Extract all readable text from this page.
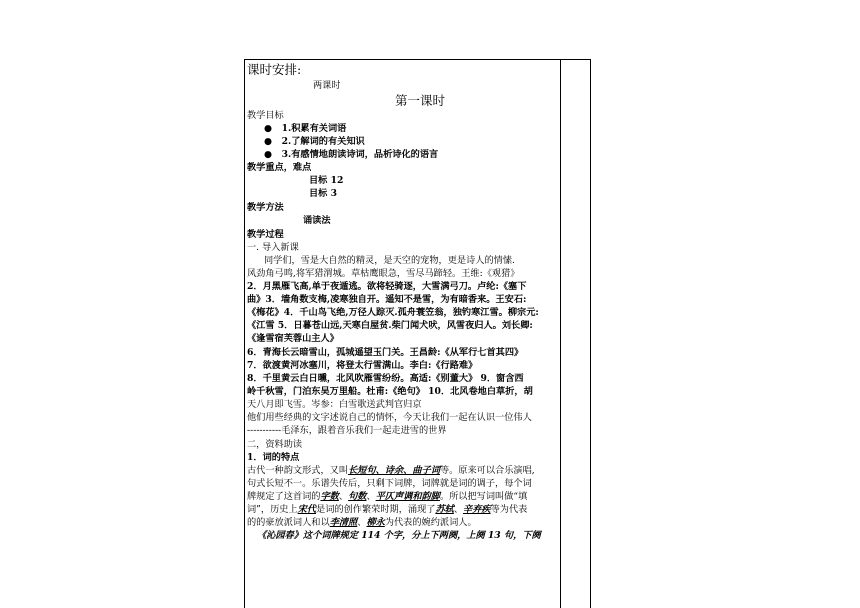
课时安排:
两课时
第一课时
教学目标
●   1.积累有关词语
●   2.了解词的有关知识
●   3.有感情地朗读诗词，品析诗化的语言
教学重点，难点
目标 12
目标 3
教学方法
诵读法
教学过程
一. 导入新课
同学们，雪是大自然的精灵，是天空的宠物，更是诗人的情愫.
风劲角弓鸣,将军猎渭城。草枯鹰眼急，雪尽马蹄轻。王维:《观猎》
2．月黑雁飞高,单于夜遁逃。欲将轻骑逐，大雪满弓刀。卢纶:《塞下
曲》3．墙角数支梅,凌寒独自开。遥知不是雪，为有暗香来。王安石:
《梅花》4．千山鸟飞绝,万径人踪灭.孤舟蓑笠翁，独钓寒江雪。柳宗元:
《江雪 5．日暮苍山远,天寒白屋贫.柴门闻犬吠，风雪夜归人。刘长卿:
《逢雪宿芙蓉山主人》
6．青海长云暗雪山，孤城遥望玉门关。王昌龄:《从军行七首其四》
7．欲渡黄河冰塞川，将登太行雪满山。李白:《行路难》
8．千里黄云白日曛，北风吹雁雪纷纷。高适:《别董大》 9．窗含西
岭千秋雪，门泊东吴万里船。杜甫:《绝句》 10．北风卷地白草折，胡
天八月即飞雪。岑参：白雪歌送武判官归京
他们用些经典的文字述说自己的情怀，今天让我们一起在认识一位伟人
-----------毛泽东，跟着音乐我们一起走进雪的世界
二，资料助读
1．词的特点
古代一种韵文形式，又叫长短句、诗余、曲子词等。原来可以合乐演唱,
句式长短不一。乐谱失传后，只剩下词牌，词牌就是词的调子，每个词
牌规定了这首词的字数、句数、平仄声调和韵脚。所以把写词叫做“填
词”，历史上宋代是词的创作繁荣时期，涌现了苏轼、辛弃疾等为代表
的的豪放派词人和以李清照、柳永为代表的婉约派词人。
《沁园春》这个词牌规定 114 个字，分上下两阕，上阕 13 句，下阕
